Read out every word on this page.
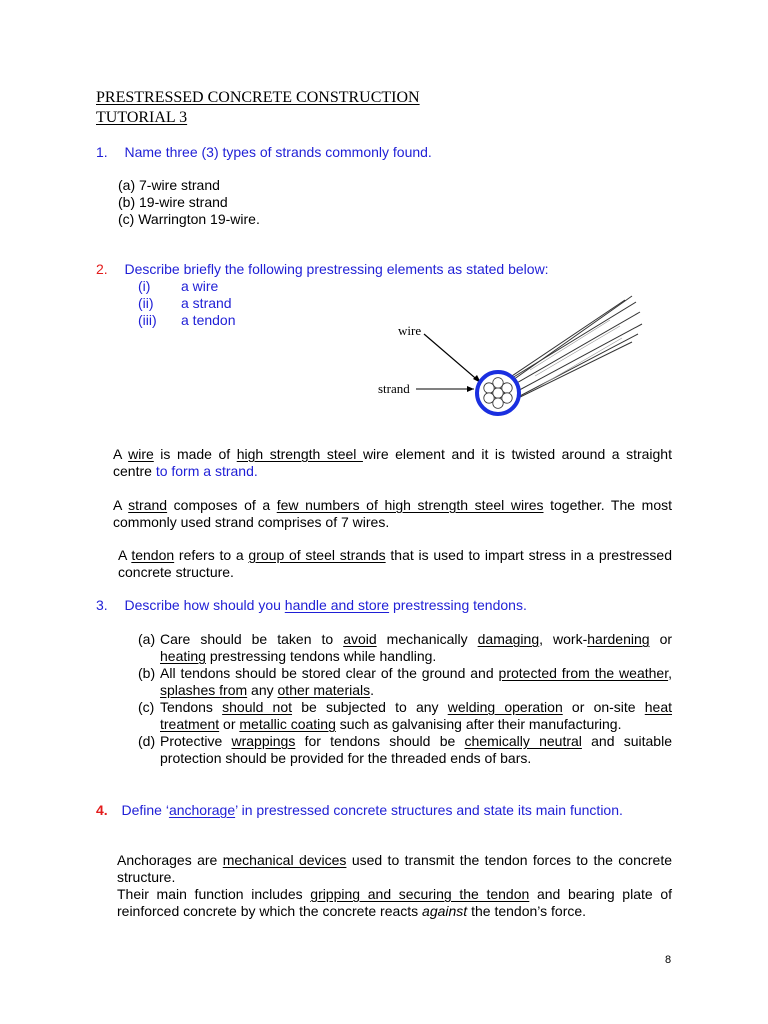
PRESTRESSED CONCRETE CONSTRUCTION
TUTORIAL 3
1. Name three (3) types of strands commonly found.
(a) 7-wire strand
(b) 19-wire strand
(c) Warrington 19-wire.
2. Describe briefly the following prestressing elements as stated below:
(i) a wire
(ii) a strand
(iii) a tendon
wire
strand
A wire is made of high strength steel wire element and it is twisted around a straight
centre to form a strand.
A strand composes of a few numbers of high strength steel wires together. The most
commonly used strand comprises of 7 wires.
A tendon refers to a group of steel strands that is used to impart stress in a prestressed
concrete structure.
3. Describe how should you handle and store prestressing tendons.
(a) Care should be taken to avoid mechanically damaging, work-hardening or
heating prestressing tendons while handling.
(b) All tendons should be stored clear of the ground and protected from the weather,
splashes from any other materials.
(c) Tendons should not be subjected to any welding operation or on-site heat
treatment or metallic coating such as galvanising after their manufacturing.
(d) Protective wrappings for tendons should be chemically neutral and suitable
protection should be provided for the threaded ends of bars.
4. Define ‘anchorage’ in prestressed concrete structures and state its main function.
Anchorages are mechanical devices used to transmit the tendon forces to the concrete
structure.
Their main function includes gripping and securing the tendon and bearing plate of
reinforced concrete by which the concrete reacts against the tendon’s force.
8
